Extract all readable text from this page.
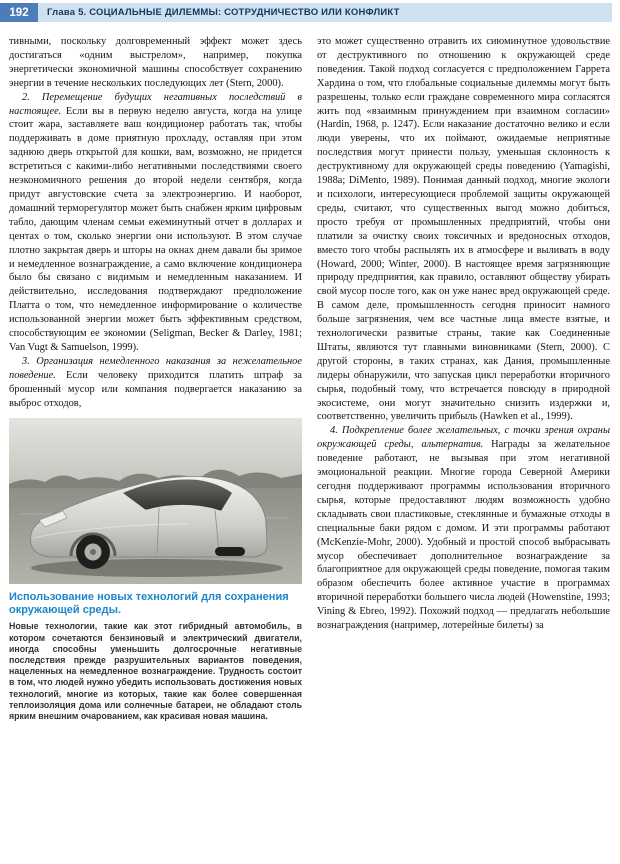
192	Глава 5. СОЦИАЛЬНЫЕ ДИЛЕММЫ: СОТРУДНИЧЕСТВО ИЛИ КОНФЛИКТ

тивными, поскольку долговременный эффект может здесь достигаться «одним выстрелом», например, покупка энергетически экономичной машины способствует сохранению энергии в течение нескольких последующих лет (Stern, 2000).

2. Перемещение будущих негативных последствий в настоящее. Если вы в первую неделю августа, когда на улице стоит жара, заставляете ваш кондиционер работать так, чтобы поддерживать в доме приятную прохладу, оставляя при этом заднюю дверь открытой для кошки, вам, возможно, не придется встретиться с какими-либо негативными последствиями своего неэкономичного решения до второй недели сентября, когда придут августовские счета за электроэнергию. И наоборот, домашний терморегулятор может быть снабжен ярким цифровым табло, дающим членам семьи ежеминутный отчет в долларах и центах о том, сколько энергии они используют. В этом случае плотно закрытая дверь и шторы на окнах днем давали бы зримое и немедленное вознаграждение, а само включение кондиционера было бы связано с видимым и немедленным наказанием. И действительно, исследования подтверждают предположение Платта о том, что немедленное информирование о количестве использованной энергии может быть эффективным средством, способствующим ее экономии (Seligman, Becker & Darley, 1981; Van Vugt & Samuelson, 1999).

3. Организация немедленного наказания за нежелательное поведение. Если человеку приходится платить штраф за брошенный мусор или компания подвергается наказанию за выброс отходов,

Использование новых технологий для сохранения окружающей среды.
Новые технологии, такие как этот гибридный автомобиль, в котором сочетаются бензиновый и электрический двигатели, иногда способны уменьшить долгосрочные негативные последствия прежде разрушительных вариантов поведения, нацеленных на немедленное вознаграждение. Трудность состоит в том, что людей нужно убедить использовать достижения новых технологий, многие из которых, такие как более совершенная теплоизоляция дома или солнечные батареи, не обладают столь ярким внешним очарованием, как красивая новая машина.

это может существенно отравить их сиюминутное удовольствие от деструктивного по отношению к окружающей среде поведения. Такой подход согласуется с предположением Гаррета Хардина о том, что глобальные социальные дилеммы могут быть разрешены, только если граждане современного мира согласятся жить под «взаимным принуждением при взаимном согласии» (Hardin, 1968, р. 1247). Если наказание достаточно велико и если люди уверены, что их поймают, ожидаемые неприятные последствия могут принести пользу, уменьшая склонность к деструктивному для окружающей среды поведению (Yamagishi, 1988a; DiMento, 1989). Понимая данный подход, многие экологи и психологи, интересующиеся проблемой защиты окружающей среды, считают, что существенных выгод можно добиться, просто требуя от промышленных предприятий, чтобы они платили за очистку своих токсичных и вредоносных отходов, вместо того чтобы распылять их в атмосфере и выливать в воду (Howard, 2000; Winter, 2000). В настоящее время загрязняющие природу предприятия, как правило, оставляют обществу убирать свой мусор после того, как он уже нанес вред окружающей среде. В самом деле, промышленность сегодня приносит намного больше загрязнения, чем все частные лица вместе взятые, и технологически развитые страны, такие как Соединенные Штаты, являются тут главными виновниками (Stern, 2000). С другой стороны, в таких странах, как Дания, промышленные лидеры обнаружили, что запуская цикл переработки вторичного сырья, подобный тому, что встречается повсюду в природной экосистеме, они могут значительно снизить издержки и, соответственно, увеличить прибыль (Hawken et al., 1999).

4. Подкрепление более желательных, с точки зрения охраны окружающей среды, альтернатив. Награды за желательное поведение работают, не вызывая при этом негативной эмоциональной реакции. Многие города Северной Америки сегодня поддерживают программы использования вторичного сырья, которые предоставляют людям возможность удобно складывать свои пластиковые, стеклянные и бумажные отходы в специальные баки рядом с домом. И эти программы работают (McKenzie-Mohr, 2000). Удобный и простой способ выбрасывать мусор обеспечивает дополнительное вознаграждение за благоприятное для окружающей среды поведение, помогая таким образом обеспечить более активное участие в программах вторичной переработки большего числа людей (Howenstine, 1993; Vining & Ebreo, 1992). Похожий подход — предлагать небольшие вознаграждения (например, лотерейные билеты) за
